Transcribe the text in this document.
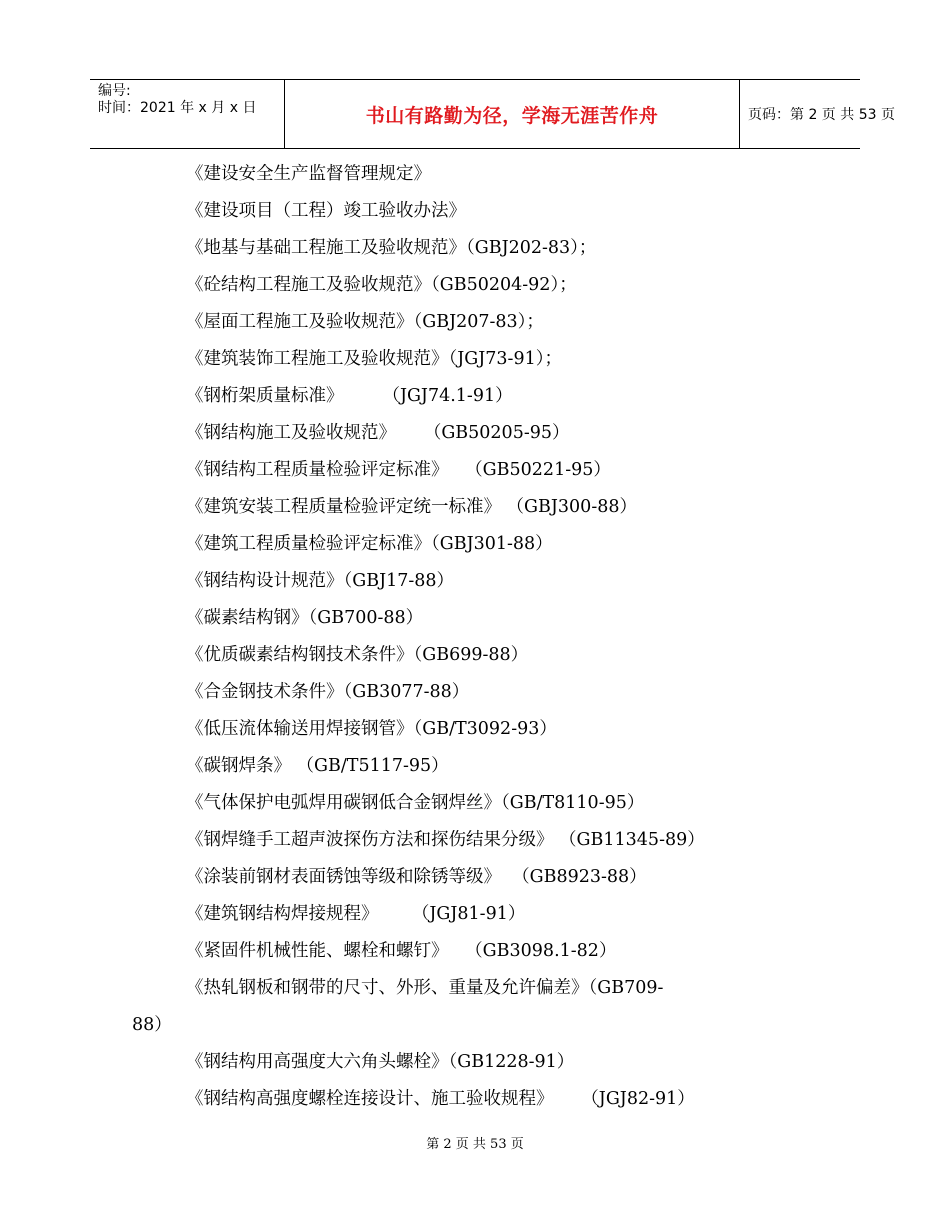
编号:
时间：2021 年 x 月 x 日	书山有路勤为径，学海无涯苦作舟	页码：第 2 页 共 53 页
《建设安全生产监督管理规定》
《建设项目（工程）竣工验收办法》
《地基与基础工程施工及验收规范》（GBJ202-83）；
《砼结构工程施工及验收规范》（GB50204-92）；
《屋面工程施工及验收规范》（GBJ207-83）；
《建筑装饰工程施工及验收规范》（JGJ73-91）；
《钢桁架质量标准》       （JGJ74.1-91）
《钢结构施工及验收规范》     （GB50205-95）
《钢结构工程质量检验评定标准》   （GB50221-95）
《建筑安装工程质量检验评定统一标准》 （GBJ300-88）
《建筑工程质量检验评定标准》（GBJ301-88）
《钢结构设计规范》（GBJ17-88）
《碳素结构钢》（GB700-88）
《优质碳素结构钢技术条件》（GB699-88）
《合金钢技术条件》（GB3077-88）
《低压流体输送用焊接钢管》（GB/T3092-93）
《碳钢焊条》 （GB/T5117-95）
《气体保护电弧焊用碳钢低合金钢焊丝》（GB/T8110-95）
《钢焊缝手工超声波探伤方法和探伤结果分级》 （GB11345-89）
《涂装前钢材表面锈蚀等级和除锈等级》  （GB8923-88）
《建筑钢结构焊接规程》      （JGJ81-91）
《紧固件机械性能、螺栓和螺钉》   （GB3098.1-82）
《热轧钢板和钢带的尺寸、外形、重量及允许偏差》（GB709-
88）
《钢结构用高强度大六角头螺栓》（GB1228-91）
《钢结构高强度螺栓连接设计、施工验收规程》     （JGJ82-91）
第 2 页 共 53 页
